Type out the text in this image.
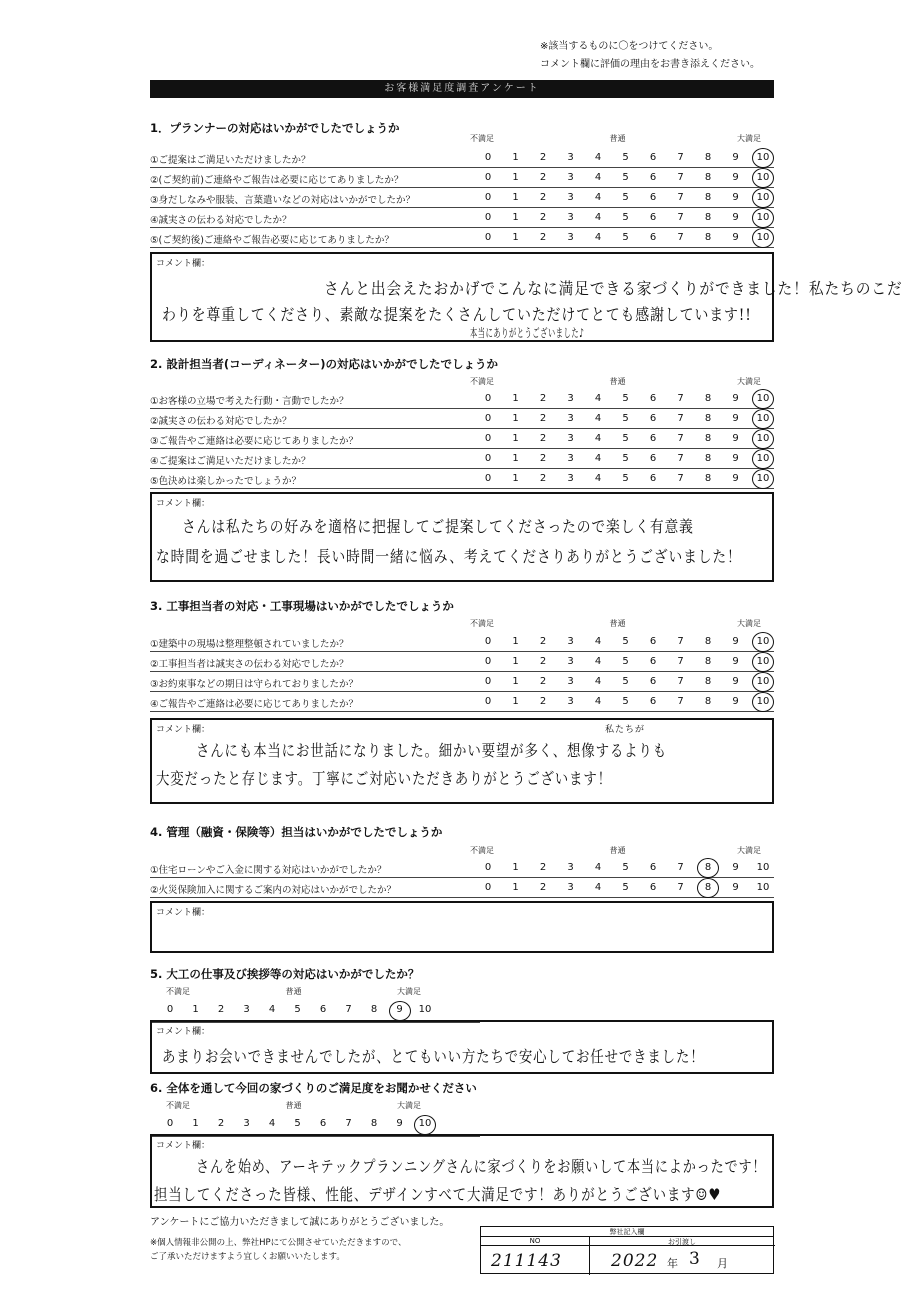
※該当するものに〇をつけてください。
コメント欄に評価の理由をお書き添えください。
お客様満足度調査アンケート
1．プランナーの対応はいかがでしたでしょうか
不満足	普通	大満足
①ご提案はご満足いただけましたか？	0	1	2	3	4	5	6	7	8	9	10
②(ご契約前)ご連絡やご報告は必要に応じてありましたか？	0	1	2	3	4	5	6	7	8	9	10
③身だしなみや服装、言葉遣いなどの対応はいかがでしたか？	0	1	2	3	4	5	6	7	8	9	10
④誠実さの伝わる対応でしたか？	0	1	2	3	4	5	6	7	8	9	10
⑤(ご契約後)ご連絡やご報告必要に応じてありましたか？	0	1	2	3	4	5	6	7	8	9	10
コメント欄：
さんと出会えたおかげでこんなに満足できる家づくりができました！私たちのこだ
わりを尊重してくださり、素敵な提案をたくさんしていただけてとても感謝しています!!
本当にありがとうございました♪
2. 設計担当者(コーディネーター)の対応はいかがでしたでしょうか
不満足	普通	大満足
①お客様の立場で考えた行動・言動でしたか？	0	1	2	3	4	5	6	7	8	9	10
②誠実さの伝わる対応でしたか？	0	1	2	3	4	5	6	7	8	9	10
③ご報告やご連絡は必要に応じてありましたか？	0	1	2	3	4	5	6	7	8	9	10
④ご提案はご満足いただけましたか？	0	1	2	3	4	5	6	7	8	9	10
⑤色決めは楽しかったでしょうか？	0	1	2	3	4	5	6	7	8	9	10
コメント欄：
さんは私たちの好みを適格に把握してご提案してくださったので楽しく有意義
な時間を過ごせました！長い時間一緒に悩み、考えてくださりありがとうございました！
3. 工事担当者の対応・工事現場はいかがでしたでしょうか
不満足	普通	大満足
①建築中の現場は整理整頓されていましたか？	0	1	2	3	4	5	6	7	8	9	10
②工事担当者は誠実さの伝わる対応でしたか？	0	1	2	3	4	5	6	7	8	9	10
③お約束事などの期日は守られておりましたか？	0	1	2	3	4	5	6	7	8	9	10
④ご報告やご連絡は必要に応じてありましたか？	0	1	2	3	4	5	6	7	8	9	10
コメント欄：
さんにも本当にお世話になりました。細かい要望が多く、想像するよりも
大変だったと存じます。丁寧にご対応いただきありがとうございます！
私たちが
4. 管理（融資・保険等）担当はいかがでしたでしょうか
不満足	普通	大満足
①住宅ローンやご入金に関する対応はいかがでしたか？	0	1	2	3	4	5	6	7	8	9	10
②火災保険加入に関するご案内の対応はいかがでしたか？	0	1	2	3	4	5	6	7	8	9	10
コメント欄：
5. 大工の仕事及び挨拶等の対応はいかがでしたか？
不満足	普通	大満足
0	1	2	3	4	5	6	7	8	9	10
コメント欄：
あまりお会いできませんでしたが、とてもいい方たちで安心してお任せできました！
6. 全体を通して今回の家づくりのご満足度をお聞かせください
不満足	普通	大満足
0	1	2	3	4	5	6	7	8	9	10
コメント欄：
さんを始め、アーキテックプランニングさんに家づくりをお願いして本当によかったです！
担当してくださった皆様、性能、デザインすべて大満足です！ありがとうございます☺♥
アンケートにご協力いただきまして誠にありがとうございました。
※個人情報非公開の上、弊社HPにて公開させていただきますので、
ご了承いただけますよう宜しくお願いいたします。
弊社記入欄
NO	お引渡し
211143	2022 年 3 月
